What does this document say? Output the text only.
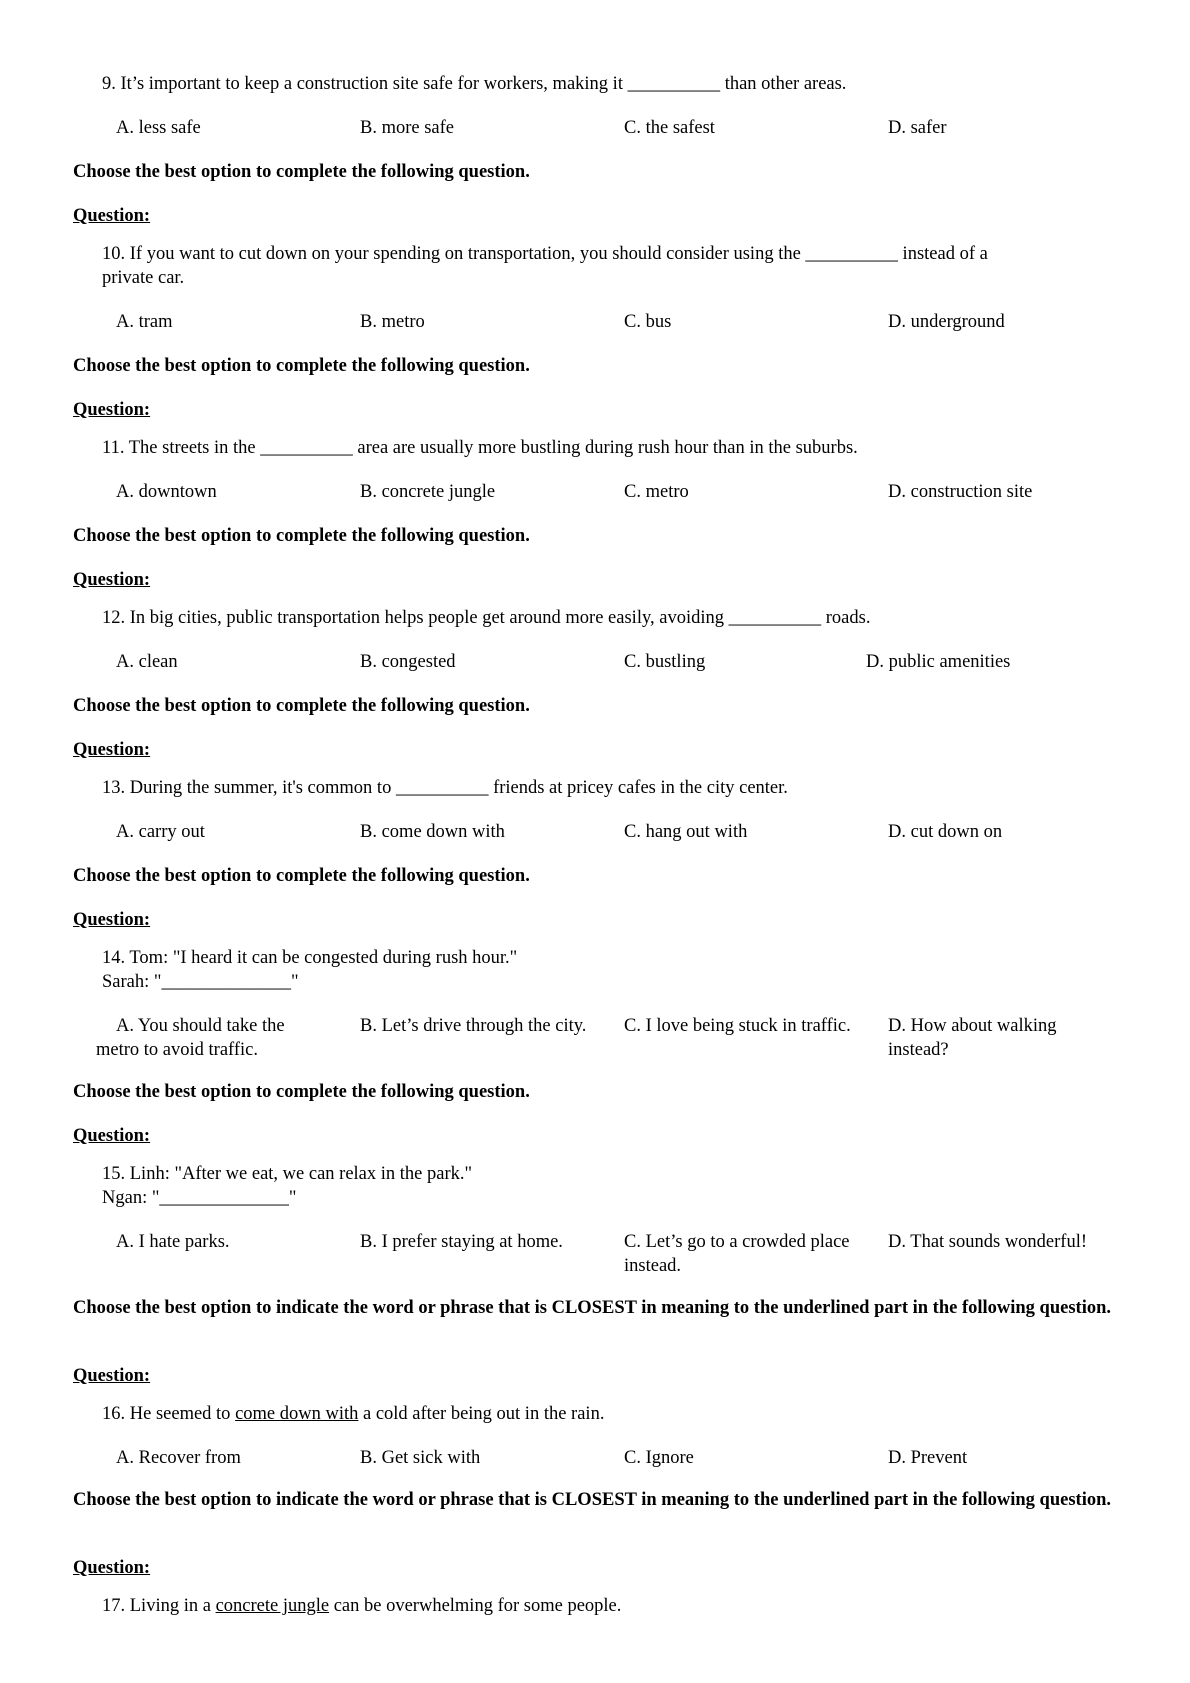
9. It’s important to keep a construction site safe for workers, making it __________ than other areas.
A. less safe	B. more safe	C. the safest	D. safer
Choose the best option to complete the following question.
Question:
10. If you want to cut down on your spending on transportation, you should consider using the __________ instead of a
private car.
A. tram	B. metro	C. bus	D. underground
Choose the best option to complete the following question.
Question:
11. The streets in the __________ area are usually more bustling during rush hour than in the suburbs.
A. downtown	B. concrete jungle	C. metro	D. construction site
Choose the best option to complete the following question.
Question:
12. In big cities, public transportation helps people get around more easily, avoiding __________ roads.
A. clean	B. congested	C. bustling	D. public amenities
Choose the best option to complete the following question.
Question:
13. During the summer, it's common to __________ friends at pricey cafes in the city center.
A. carry out	B. come down with	C. hang out with	D. cut down on
Choose the best option to complete the following question.
Question:
14. Tom: "I heard it can be congested during rush hour."
Sarah: "______________"
A. You should take the metro to avoid traffic.
B. Let’s drive through the city. C. I love being stuck in traffic. D. How about walking instead?
Choose the best option to complete the following question.
Question:
15. Linh: "After we eat, we can relax in the park."
Ngan: "______________"
A. I hate parks.	B. I prefer staying at home.	C. Let’s go to a crowded place instead.
D. That sounds wonderful!
Choose the best option to indicate the word or phrase that is CLOSEST in meaning to the underlined part in the following question.
Question:
16. He seemed to come down with a cold after being out in the rain.
A. Recover from	B. Get sick with	C. Ignore	D. Prevent
Choose the best option to indicate the word or phrase that is CLOSEST in meaning to the underlined part in the following question.
Question:
17. Living in a concrete jungle can be overwhelming for some people.
